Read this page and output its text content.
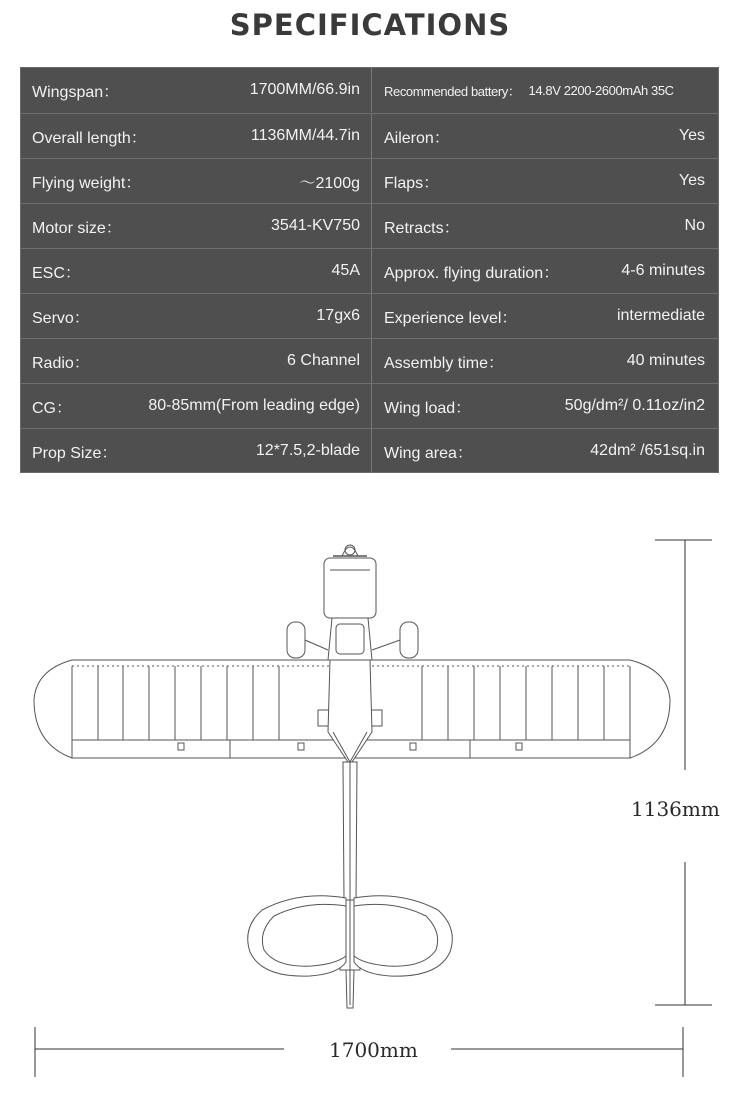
SPECIFICATIONS
Wingspan：	1700MM/66.9in Recommended battery： 14.8V 2200-2600mAh 35C
Overall length：	1136MM/44.7in Aileron：	Yes
Flying weight：	～2100g Flaps：	Yes
Motor size：	3541-KV750 Retracts：	No
ESC：	45A Approx. flying duration：	4-6 minutes
Servo：	17gx6 Experience level：	intermediate
Radio：	6 Channel Assembly time：	40 minutes
CG：	80-85mm(From leading edge) Wing load：	50g/dm²/ 0.11oz/in2
Prop Size：	12*7.5,2-blade Wing area：	42dm² /651sq.in
1136mm
1700mm
